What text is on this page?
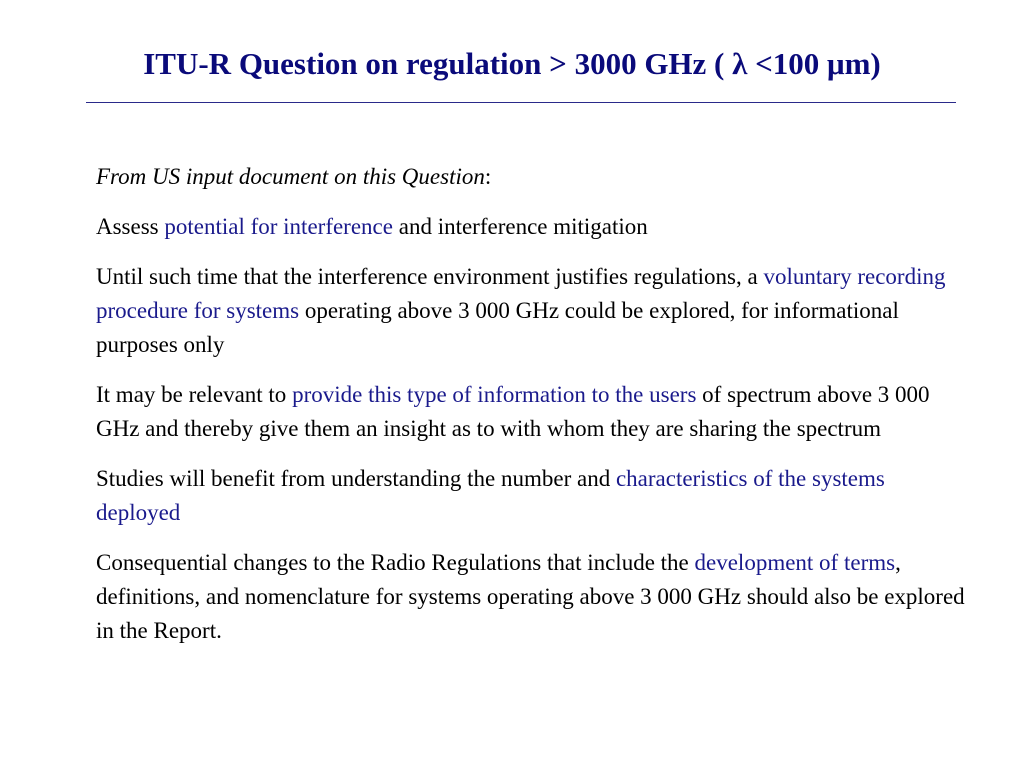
ITU-R Question on regulation > 3000 GHz ( λ <100 μm)

From US input document on this Question:

Assess potential for interference and interference mitigation

Until such time that the interference environment justifies regulations, a voluntary recording procedure for systems operating above 3 000 GHz could be explored, for informational purposes only

It may be relevant to provide this type of information to the users of spectrum above 3 000 GHz and thereby give them an insight as to with whom they are sharing the spectrum

Studies will benefit from understanding the number and characteristics of the systems deployed

Consequential changes to the Radio Regulations that include the development of terms, definitions, and nomenclature for systems operating above 3 000 GHz should also be explored in the Report.
